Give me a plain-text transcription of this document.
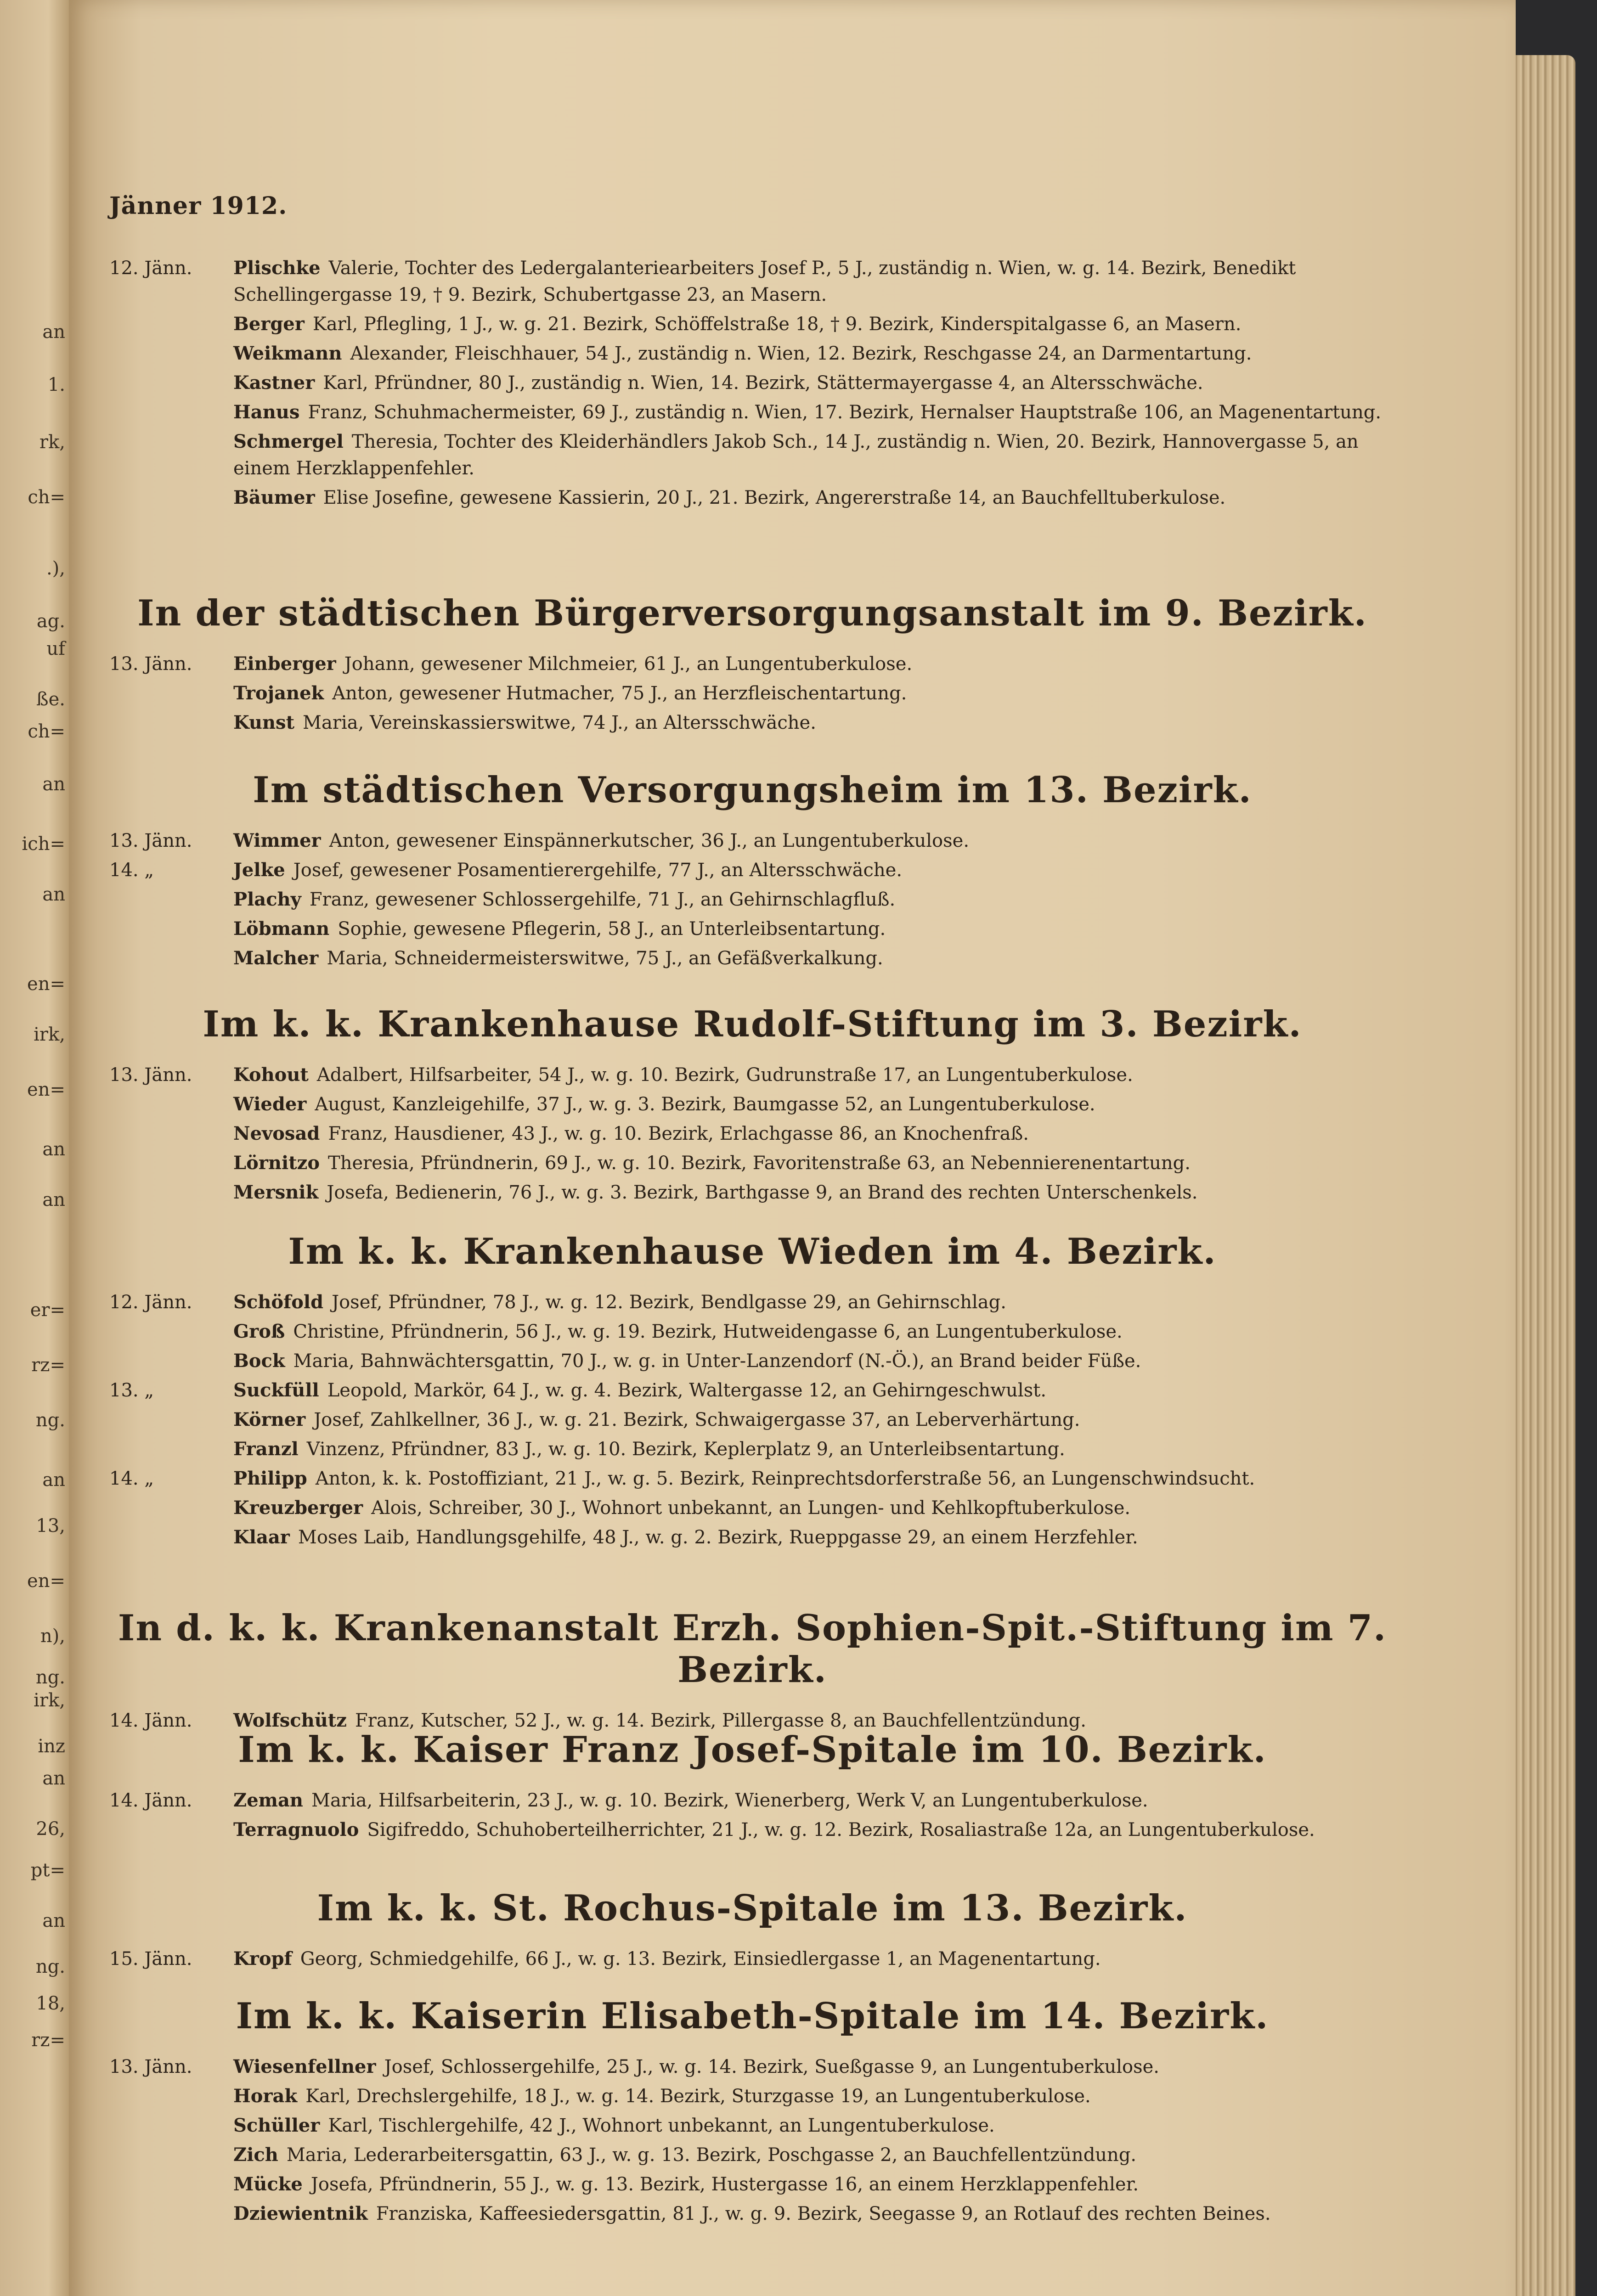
an
1.
rk,
ch=
.),
ag.
uf
ße.
ch=
an
ich=
an
en=
irk,
en=
an
an
er=
rz=
ng.
an
13,
en=
n),
ng.
irk,
inz
an
26,
pt=
an
ng.
18,
rz=
Jänner 1912.
12. Jänn.	Plischke Valerie, Tochter des Ledergalanteriearbeiters Josef P., 5 J., zuständig n. Wien, w. g. 14. Bezirk, Benedikt Schellingergasse 19, † 9. Bezirk, Schubertgasse 23, an Masern.
Berger Karl, Pflegling, 1 J., w. g. 21. Bezirk, Schöffelstraße 18, † 9. Bezirk, Kinderspitalgasse 6, an Masern.
Weikmann Alexander, Fleischhauer, 54 J., zuständig n. Wien, 12. Bezirk, Reschgasse 24, an Darmentartung.
Kastner Karl, Pfründner, 80 J., zuständig n. Wien, 14. Bezirk, Stättermayergasse 4, an Altersschwäche.
Hanus Franz, Schuhmachermeister, 69 J., zuständig n. Wien, 17. Bezirk, Hernalser Hauptstraße 106, an Magenentartung.
Schmergel Theresia, Tochter des Kleiderhändlers Jakob Sch., 14 J., zuständig n. Wien, 20. Bezirk, Hannovergasse 5, an einem Herzklappenfehler.
Bäumer Elise Josefine, gewesene Kassierin, 20 J., 21. Bezirk, Angererstraße 14, an Bauchfelltuberkulose.
In der städtischen Bürgerversorgungsanstalt im 9. Bezirk.
13. Jänn.	Einberger Johann, gewesener Milchmeier, 61 J., an Lungentuberkulose.
Trojanek Anton, gewesener Hutmacher, 75 J., an Herzfleischentartung.
Kunst Maria, Vereinskassierswitwe, 74 J., an Altersschwäche.
Im städtischen Versorgungsheim im 13. Bezirk.
13. Jänn.	Wimmer Anton, gewesener Einspännerkutscher, 36 J., an Lungentuberkulose.
14. „	Jelke Josef, gewesener Posamentierergehilfe, 77 J., an Altersschwäche.
Plachy Franz, gewesener Schlossergehilfe, 71 J., an Gehirnschlagfluß.
Löbmann Sophie, gewesene Pflegerin, 58 J., an Unterleibsentartung.
Malcher Maria, Schneidermeisterswitwe, 75 J., an Gefäßverkalkung.
Im k. k. Krankenhause Rudolf-Stiftung im 3. Bezirk.
13. Jänn.	Kohout Adalbert, Hilfsarbeiter, 54 J., w. g. 10. Bezirk, Gudrunstraße 17, an Lungentuberkulose.
Wieder August, Kanzleigehilfe, 37 J., w. g. 3. Bezirk, Baumgasse 52, an Lungentuberkulose.
Nevosad Franz, Hausdiener, 43 J., w. g. 10. Bezirk, Erlachgasse 86, an Knochenfraß.
Lörnitzo Theresia, Pfründnerin, 69 J., w. g. 10. Bezirk, Favoritenstraße 63, an Nebennierenentartung.
Mersnik Josefa, Bedienerin, 76 J., w. g. 3. Bezirk, Barthgasse 9, an Brand des rechten Unterschenkels.
Im k. k. Krankenhause Wieden im 4. Bezirk.
12. Jänn.	Schöfold Josef, Pfründner, 78 J., w. g. 12. Bezirk, Bendlgasse 29, an Gehirnschlag.
Groß Christine, Pfründnerin, 56 J., w. g. 19. Bezirk, Hutweidengasse 6, an Lungentuberkulose.
Bock Maria, Bahnwächtersgattin, 70 J., w. g. in Unter-Lanzendorf (N.-Ö.), an Brand beider Füße.
13. „	Suckfüll Leopold, Markör, 64 J., w. g. 4. Bezirk, Waltergasse 12, an Gehirngeschwulst.
Körner Josef, Zahlkellner, 36 J., w. g. 21. Bezirk, Schwaigergasse 37, an Leberverhärtung.
Franzl Vinzenz, Pfründner, 83 J., w. g. 10. Bezirk, Keplerplatz 9, an Unterleibsentartung.
14. „	Philipp Anton, k. k. Postoffiziant, 21 J., w. g. 5. Bezirk, Reinprechtsdorferstraße 56, an Lungenschwindsucht.
Kreuzberger Alois, Schreiber, 30 J., Wohnort unbekannt, an Lungen- und Kehlkopftuberkulose.
Klaar Moses Laib, Handlungsgehilfe, 48 J., w. g. 2. Bezirk, Rueppgasse 29, an einem Herzfehler.
In d. k. k. Krankenanstalt Erzh. Sophien-Spit.-Stiftung im 7. Bezirk.
14. Jänn.	Wolfschütz Franz, Kutscher, 52 J., w. g. 14. Bezirk, Pillergasse 8, an Bauchfellentzündung.
Im k. k. Kaiser Franz Josef-Spitale im 10. Bezirk.
14. Jänn.	Zeman Maria, Hilfsarbeiterin, 23 J., w. g. 10. Bezirk, Wienerberg, Werk V, an Lungentuberkulose.
Terragnuolo Sigifreddo, Schuhoberteilherrichter, 21 J., w. g. 12. Bezirk, Rosaliastraße 12a, an Lungentuberkulose.
Im k. k. St. Rochus-Spitale im 13. Bezirk.
15. Jänn.	Kropf Georg, Schmiedgehilfe, 66 J., w. g. 13. Bezirk, Einsiedlergasse 1, an Magenentartung.
Im k. k. Kaiserin Elisabeth-Spitale im 14. Bezirk.
13. Jänn.	Wiesenfellner Josef, Schlossergehilfe, 25 J., w. g. 14. Bezirk, Sueßgasse 9, an Lungentuberkulose.
Horak Karl, Drechslergehilfe, 18 J., w. g. 14. Bezirk, Sturzgasse 19, an Lungentuberkulose.
Schüller Karl, Tischlergehilfe, 42 J., Wohnort unbekannt, an Lungentuberkulose.
Zich Maria, Lederarbeitersgattin, 63 J., w. g. 13. Bezirk, Poschgasse 2, an Bauchfellentzündung.
Mücke Josefa, Pfründnerin, 55 J., w. g. 13. Bezirk, Hustergasse 16, an einem Herzklappenfehler.
Dziewientnik Franziska, Kaffeesiedersgattin, 81 J., w. g. 9. Bezirk, Seegasse 9, an Rotlauf des rechten Beines.
